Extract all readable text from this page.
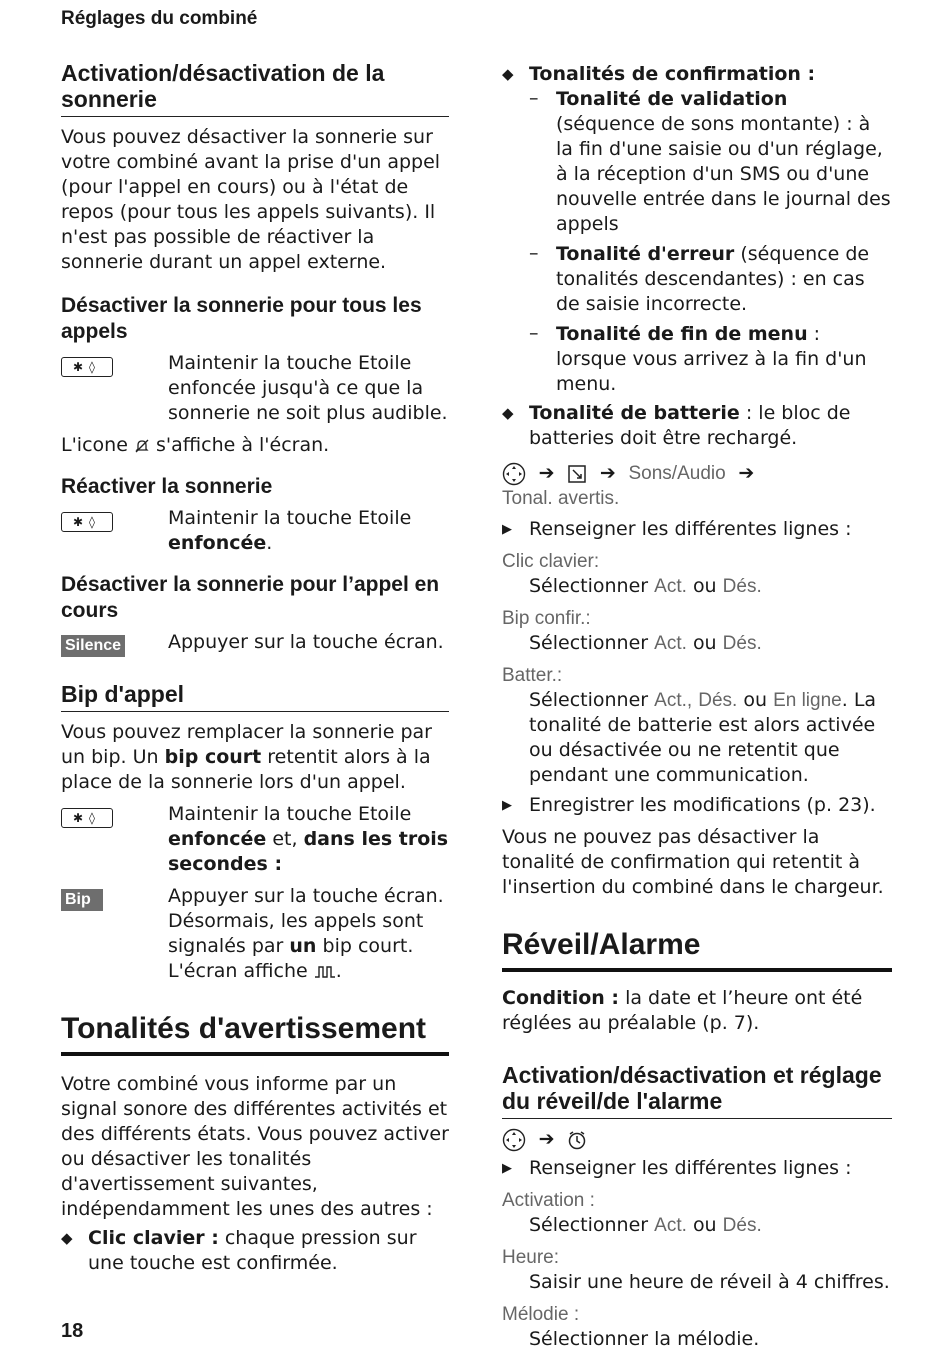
Réglages du combiné
Activation/désactivation de la sonnerie

Vous pouvez désactiver la sonnerie sur votre combiné avant la prise d'un appel (pour l'appel en cours) ou à l'état de repos (pour tous les appels suivants). Il n'est pas possible de réactiver la sonnerie durant un appel externe.

Désactiver la sonnerie pour tous les appels
✱◊	Maintenir la touche Etoile enfoncée jusqu'à ce que la sonnerie ne soit plus audible.

L'icone s'affiche à l'écran.

Réactiver la sonnerie
✱◊	Maintenir la touche Etoile enfoncée.

Désactiver la sonnerie pour l’appel en cours
Silence	Appuyer sur la touche écran.

Bip d'appel

Vous pouvez remplacer la sonnerie par un bip. Un bip court retentit alors à la place de la sonnerie lors d'un appel.

✱◊	Maintenir la touche Etoile enfoncée et, dans les trois secondes :

Bip	Appuyer sur la touche écran. Désormais, les appels sont signalés par un bip court. L'écran affiche .

Tonalités d'avertissement

Votre combiné vous informe par un signal sonore des différentes activités et des différents états. Vous pouvez activer ou désactiver les tonalités d'avertissement suivantes, indépendamment les unes des autres :

◆ Clic clavier : chaque pression sur une touche est confirmée.

◆ Tonalités de confirmation :

– Tonalité de validation (séquence de sons montante) : à la fin d'une saisie ou d'un réglage, à la réception d'un SMS ou d'une nouvelle entrée dans le journal des appels

– Tonalité d'erreur (séquence de tonalités descendantes) : en cas de saisie incorrecte.

– Tonalité de fin de menu : lorsque vous arrivez à la fin d'un menu.

◆ Tonalité de batterie : le bloc de batteries doit être rechargé.

➔    ➔  Sons/Audio  ➔
Tonal. avertis.
▶ Renseigner les différentes lignes :

Clic clavier:

Sélectionner Act. ou Dés.

Bip confir.:

Sélectionner Act. ou Dés.

Batter.:

Sélectionner Act., Dés. ou En ligne. La tonalité de batterie est alors activée ou désactivée ou ne retentit que pendant une communication.

▶ Enregistrer les modifications (p. 23).

Vous ne pouvez pas désactiver la tonalité de confirmation qui retentit à l'insertion du combiné dans le chargeur.

Réveil/Alarme

Condition : la date et l’heure ont été réglées au préalable (p. 7).

Activation/désactivation et réglage du réveil/de l'alarme
➔
▶ Renseigner les différentes lignes :

Activation :

Sélectionner Act. ou Dés.

Heure:

Saisir une heure de réveil à 4 chiffres.

Mélodie :

Sélectionner la mélodie.

18
